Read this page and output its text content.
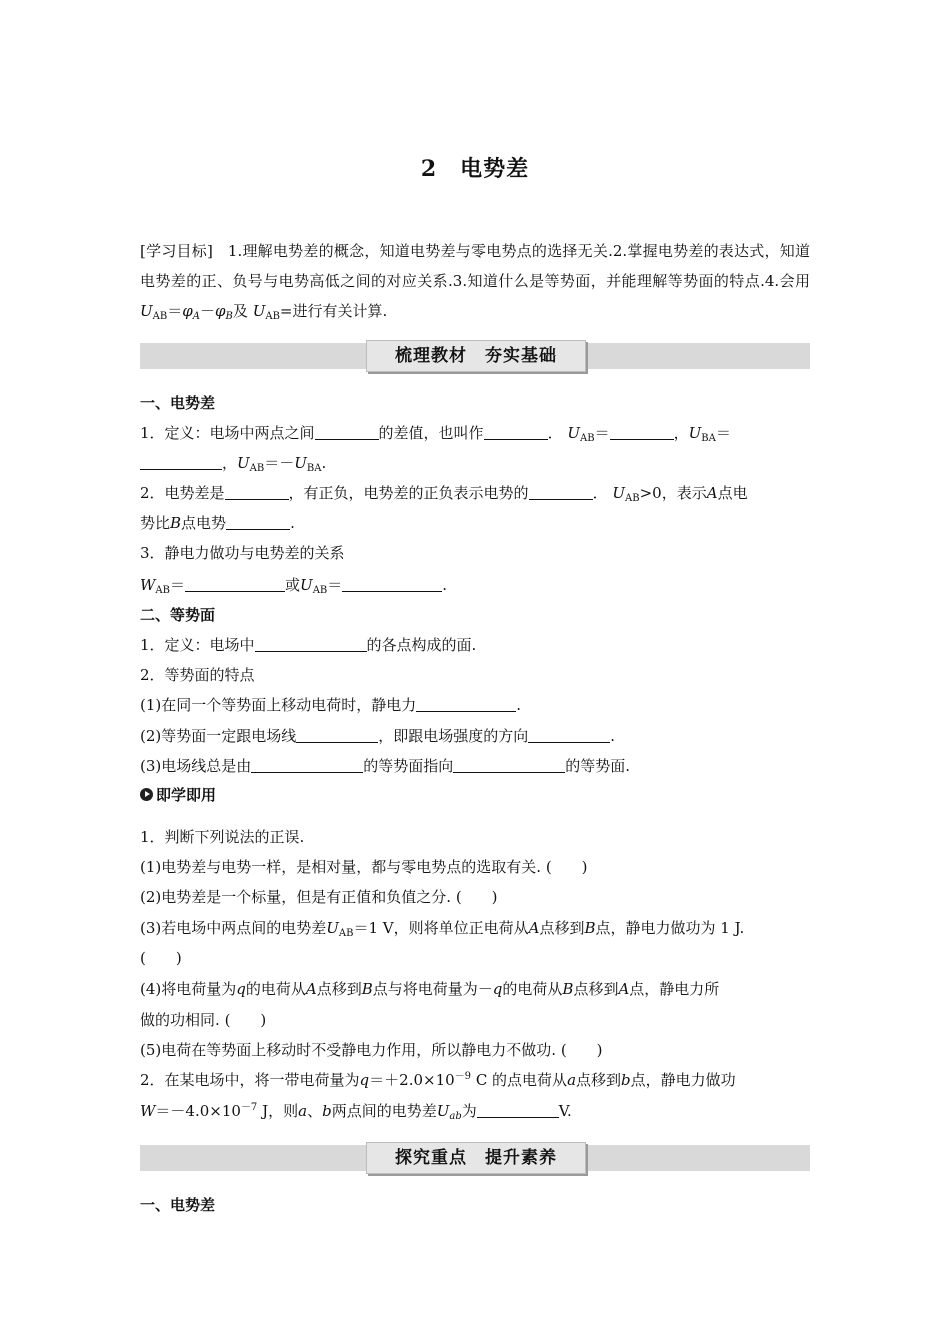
2　电势差
[学习目标] 1.理解电势差的概念，知道电势差与零电势点的选择无关.2.掌握电势差的表达式，知道电势差的正、负号与电势高低之间的对应关系.3.知道什么是等势面，并能理解等势面的特点.4.会用 $U_{AB}=\varphi_A-\varphi_B$及 $U_{AB}=$进行有关计算.
梳理教材　夯实基础
一、电势差
1．定义：电场中两点之间	的差值，也叫作	． $U_{AB}=$	，$U_{BA}=$
，$U_{AB}=-U_{BA}$.
2．电势差是	，有正负，电势差的正负表示电势的	． $U_{AB}>0$，表示A点电
势比B点电势	.
3．静电力做功与电势差的关系
$W_{AB}=$	或$U_{AB}=$	.
二、等势面
1．定义：电场中	的各点构成的面.
2．等势面的特点
(1)在同一个等势面上移动电荷时，静电力	.
(2)等势面一定跟电场线	，即跟电场强度的方向	.
(3)电场线总是由	的等势面指向	的等势面.
即学即用
1．判断下列说法的正误.
(1)电势差与电势一样，是相对量，都与零电势点的选取有关. (　　)
(2)电势差是一个标量，但是有正值和负值之分. (　　)
(3)若电场中两点间的电势差$U_{AB}=1$ V，则将单位正电荷从A点移到B点，静电力做功为 1 J.
(　　)
(4)将电荷量为q的电荷从A点移到B点与将电荷量为－q的电荷从B点移到A点，静电力所
做的功相同. (　　)
(5)电荷在等势面上移动时不受静电力作用，所以静电力不做功. (　　)
2．在某电场中，将一带电荷量为$q=+2.0\times 10^{-9}$ C 的点电荷从a点移到b点，静电力做功
$W=-4.0\times 10^{-7}$ J，则a、b两点间的电势差$U_{ab}$为	V.
探究重点　提升素养
一、电势差
